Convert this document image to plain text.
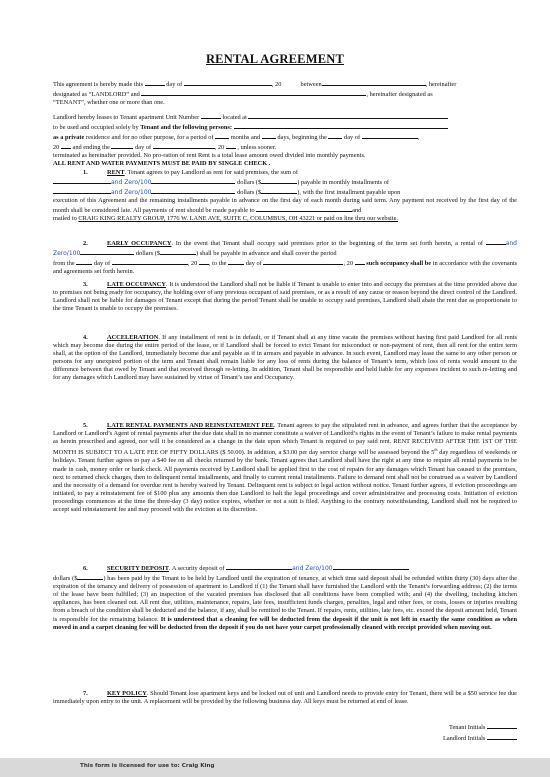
RENTAL AGREEMENT

This agreement is hereby made this	day of	, 20	between	, hereinafter
designated as “LANDLORD” and	, hereinafter designated as
“TENANT”, whether one or more than one.

Landlord hereby leases to Tenant apartment Unit Number	located at
to be used and occupied solely by Tenant and the following persons:
as a private residence and for no other purpose, for a period of	months and	days, beginning the	day of	,
20 and ending the	day of	, 20 , unless sooner.
terminated as hereinafter provided. No pro-ration of rent Rent is a total lease amount owed divided into monthly payments.
ALL RENT AND WATER PAYMENTS MUST BE PAID BY SINGLE CHECK .

1.	RENT. Tenant agrees to pay Landlord as rent for said premises, the sum of
and Zero/100	dollars ($	) payable in monthly installments of
and Zero/100	dollars ($	), with the first installment payable upon
execution of this Agreement and the remaining installments payable in advance on the first day of each month during said term. Any payment not received by the first day of the month shall be considered late. All payments of rent should be made payable to	and
mailed to CRAIG KING REALTY GROUP, 1776 W. LANE AVE, SUITE C, COLUMBUS, OH 43221 or paid on line thru our website.

2.	EARLY OCCUPANCY. In the event that Tenant shall occupy said premises prior to the beginning of the term set forth herein, a rental of	and Zero/100	dollars ($	) shall be payable in advance and shall cover the period
from the	day of	, 20 , to the	day of	, 20 such occupancy shall be in accordance with the covenants and agreements set forth herein.

3.	LATE OCCUPANCY. It is understood the Landlord shall not be liable if Tenant is unable to enter into and occupy the premises at the time provided above due to premises not being ready for occupancy, the holding over of any previous occupant of said premises, or as a result of any cause or reason beyond the direct control of the Landlord. Landlord shall not be liable for damages of Tenant except that during the period Tenant shall be unable to occupy said premises, Landlord shall abate the rent due as proportionate to the time Tenant is unable to occupy the premises.

4.	ACCELERATION. If any installment of rent is in default, or if Tenant shall at any time vacate the premises without having first paid Landlord for all rents which may become due during the entire period of the lease, or if Landlord shall be forced to evict Tenant for misconduct or non-payment of rent, then all rent for the entire term shall, at the option of the Landlord, immediately become due and payable as if in arrears and payable in advance. In such event, Landlord may lease the same to any other person or persons for any unexpired portion of the term and Tenant shall remain liable for any loss of rents during the balance of Tenant’s term, which loss of rents would amount to the difference between that owed by Tenant and that received through re-letting. In addition, Tenant shall be responsible and held liable for any expenses incident to such re-letting and for any damages which Landlord may have sustained by virtue of Tenant’s use and Occupancy.

5.	LATE RENTAL PAYMENTS AND REINSTATEMENT FEE. Tenant agrees to pay the stipulated rent in advance, and agrees further that the acceptance by Landlord or Landlord’s Agent of rental payments after the due date shall in no manner constitute a waiver of Landlord’s rights in the event of Tenant’s failure to make rental payments as herein prescribed and agreed, nor will it be considered as a change in the date upon which Tenant is required to pay said rent. RENT RECEIVED AFTER THE 1ST OF THE MONTH IS SUBJECT TO A LATE FEE OF FIFTY DOLLARS ($ 50.00). In addition, a $3.00 per day service charge will be assessed beyond the 5th day regardless of weekends or holidays. Tenant further agrees to pay a $40 fee on all checks returned by the bank. Tenant agrees that Landlord shall have the right at any time to require all rental payments to be made in cash, money order or bank check. All payments received by Landlord shall be applied first to the cost of repairs for any damages which Tenant has caused to the premises, next to returned check charges, then to delinquent rental installments, and finally to current rental installments. Failure to demand rent shall not be construed as a waiver by Landlord and the necessity of a demand for overdue rent is hereby waived by Tenant. Delinquent rent is subject to legal action without notice. Tenant further agrees, if eviction proceedings are initiated, to pay a reinstatement fee of $100 plus any amounts then due Landlord to halt the legal proceedings and cover administrative and processing costs. Initiation of eviction proceedings commences at the time the three-day (3 day) notice expires, whether or not a suit is filed. Anything to the contrary notwithstanding, Landlord shall not be required to accept said reinstatement fee and may proceed with the eviction at its discretion.

6.	SECURITY DEPOSIT. A security deposit of	and Zero/100
dollars ($	) has been paid by the Tenant to be held by Landlord until the expiration of tenancy, at which time said deposit shall be refunded within thirty (30) days after the expiration of the tenancy and delivery of possession of apartment to Landlord if (1) the Tenant shall have furnished the Landlord with the Tenant’s forwarding address; (2) the terms of the lease have been fulfilled; (3) an inspection of the vacated premises has disclosed that all conditions have been complied with; and (4) the dwelling, including kitchen appliances, has been cleaned out. All rent due, utilities, maintenance, repairs, late fees, insufficient funds charges, penalties, legal and other fees, or costs, losses or injuries resulting from a breach of the condition shall be deducted and the balance, if any, shall be remitted to the Tenant. If repairs, rents, utilities, late fees, etc. exceed the deposit amount held, Tenant is responsible for the remaining balance. It is understood that a cleaning fee will be deducted from the deposit if the unit is not left in exactly the same condition as when moved in and a carpet cleaning fee will be deducted from the deposit if you do not have your carpet professionally cleaned with receipt provided when moving out.

7.	KEY POLICY. Should Tenant lose apartment keys and be locked out of unit and Landlord needs to provide entry for Tenant, there will be a $50 service fee due immediately upon entry to the unit. A replacement will be provided by the following business day. All keys must be returned at end of lease.

Tenant Initials
Landlord Initials
This form is licensed for use to: Craig King
